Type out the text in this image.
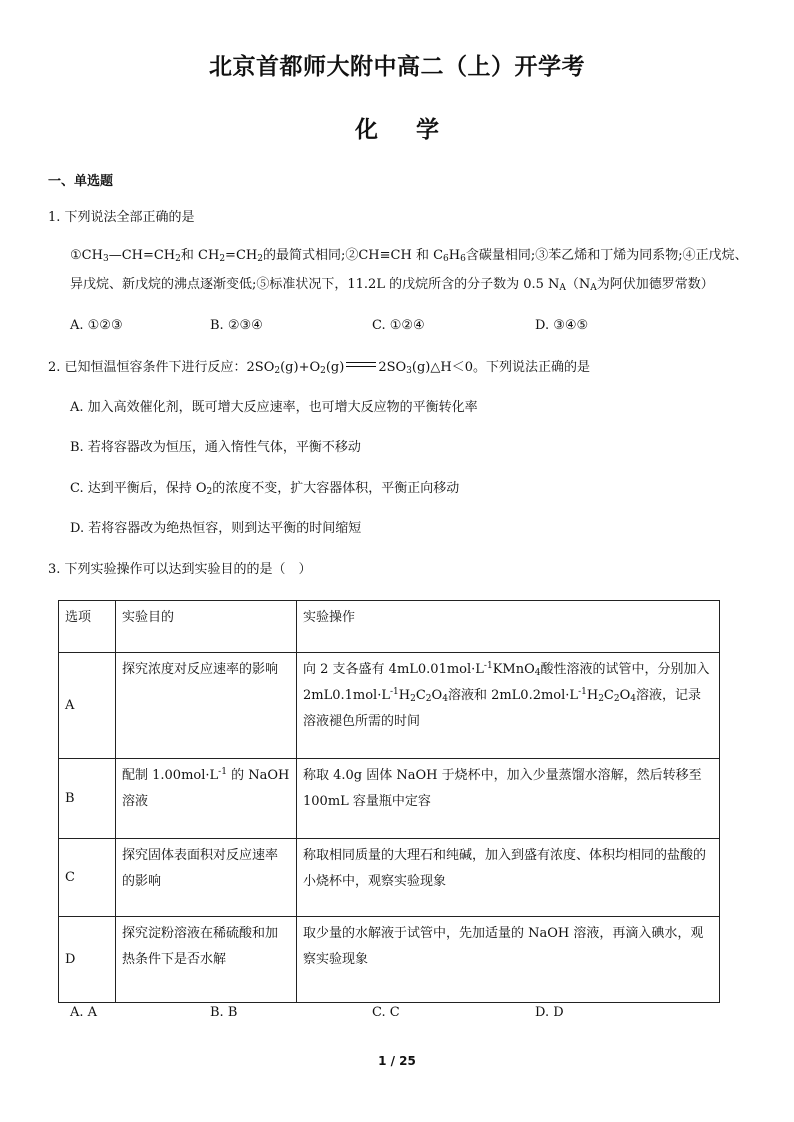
北京首都师大附中高二（上）开学考
化 学
一、单选题
1. 下列说法全部正确的是
$①CH_3—CH=CH_2$和 $CH_2=CH_2$的最简式相同;②CH≡CH 和 $C_6H_6$含碳量相同;③苯乙烯和丁烯为同系物;④正戊烷、
异戊烷、新戊烷的沸点逐渐变低;⑤标准状况下，11.2L 的戊烷所含的分子数为 0.5 $N_A(N_A$为阿伏加德罗常数）
A. ①②③	B. ②③④	C. ①②④	D. ③④⑤
2. 已知恒温恒容条件下进行反应：$2SO_2(g)+O_2(g)$	$2SO_3(g)\triangle H<0$。下列说法正确的是
A. 加入高效催化剂，既可增大反应速率，也可增大反应物的平衡转化率
B. 若将容器改为恒压，通入惰性气体，平衡不移动
C. 达到平衡后，保持 $O_2$的浓度不变，扩大容器体积，平衡正向移动
D. 若将容器改为绝热恒容，则到达平衡的时间缩短
3. 下列实验操作可以达到实验目的的是（　）
选项	实验目的	实验操作
A	探究浓度对反应速率的影响	向 2 支各盛有 $4mL0.01mol\cdot L^{-1}KMnO_4$酸性溶液的试管中，分别加入 $2mL0.1mol\cdot L^{-1}H_2C_2O_4$溶液和 $2mL0.2mol\cdot L^{-1}H_2C_2O_4$溶液，记录溶液褪色所需的时间
B	配制 $1.00mol\cdot L^{-1}$ 的 NaOH 溶液	称取 4.0g 固体 NaOH 于烧杯中，加入少量蒸馏水溶解，然后转移至 100mL 容量瓶中定容
C	探究固体表面积对反应速率的影响	称取相同质量的大理石和纯碱，加入到盛有浓度、体积均相同的盐酸的小烧杯中，观察实验现象
D	探究淀粉溶液在稀硫酸和加热条件下是否水解	取少量的水解液于试管中，先加适量的 NaOH 溶液，再滴入碘水，观察实验现象
A. A	B. B	C. C	D. D
1 / 25
